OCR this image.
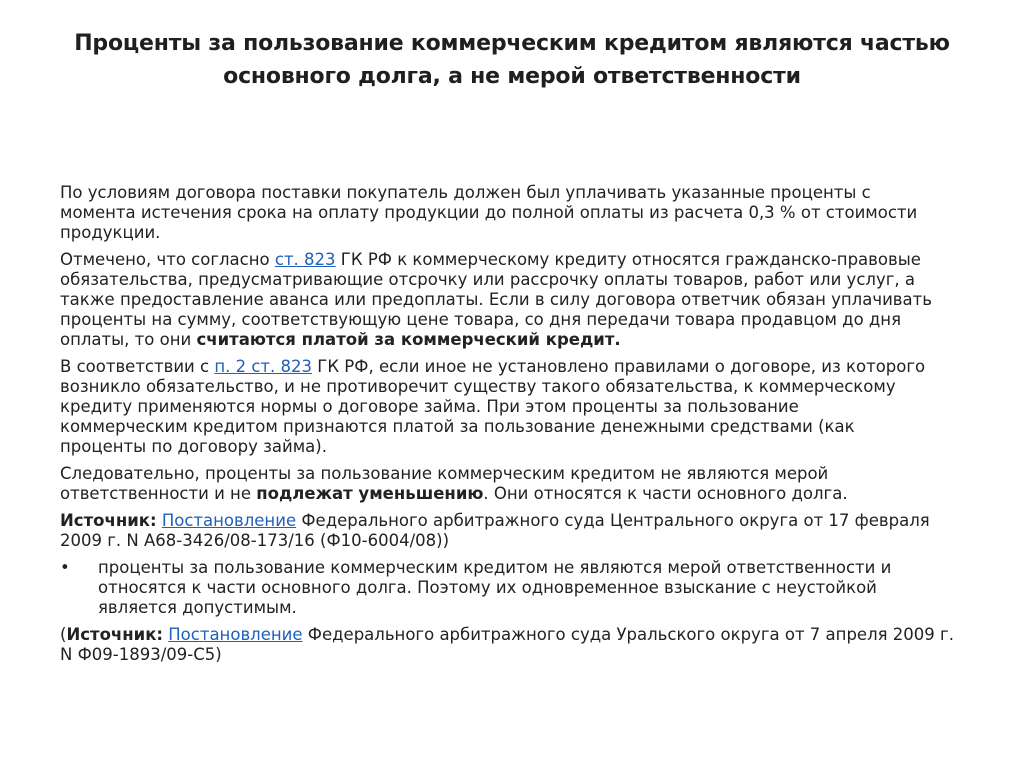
Проценты за пользование коммерческим кредитом являются частью
основного долга, а не мерой ответственности

По условиям договора поставки покупатель должен был уплачивать указанные проценты с
момента истечения срока на оплату продукции до полной оплаты из расчета 0,3 % от стоимости
продукции.

Отмечено, что согласно ст. 823 ГК РФ к коммерческому кредиту относятся гражданско-правовые
обязательства, предусматривающие отсрочку или рассрочку оплаты товаров, работ или услуг, а
также предоставление аванса или предоплаты. Если в силу договора ответчик обязан уплачивать
проценты на сумму, соответствующую цене товара, со дня передачи товара продавцом до дня
оплаты, то они считаются платой за коммерческий кредит.

В соответствии с п. 2 ст. 823 ГК РФ, если иное не установлено правилами о договоре, из которого
возникло обязательство, и не противоречит существу такого обязательства, к коммерческому
кредиту применяются нормы о договоре займа. При этом проценты за пользование
коммерческим кредитом признаются платой за пользование денежными средствами (как
проценты по договору займа).

Следовательно, проценты за пользование коммерческим кредитом не являются мерой
ответственности и не подлежат уменьшению. Они относятся к части основного долга.

Источник: Постановление Федерального арбитражного суда Центрального округа от 17 февраля
2009 г. N А68-3426/08-173/16 (Ф10-6004/08))

•	проценты за пользование коммерческим кредитом не являются мерой ответственности и
относятся к части основного долга. Поэтому их одновременное взыскание с неустойкой
является допустимым.

(Источник: Постановление Федерального арбитражного суда Уральского округа от 7 апреля 2009 г.
N Ф09-1893/09-С5)
